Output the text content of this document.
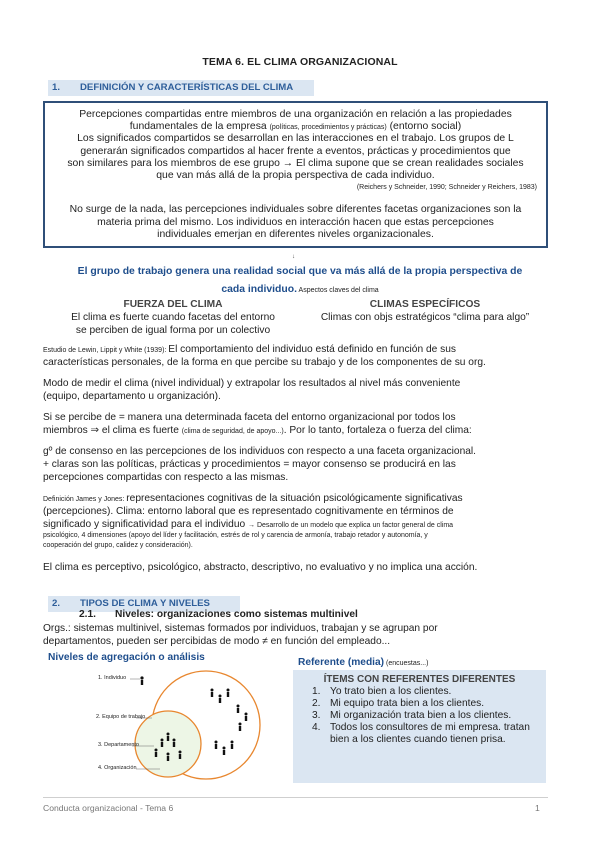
TEMA 6. EL CLIMA ORGANIZACIONAL
1. DEFINICIÓN Y CARACTERÍSTICAS DEL CLIMA
Percepciones compartidas entre miembros de una organización en relación a las propiedades
fundamentales de la empresa (políticas, procedimientos y prácticas) (entorno social)
Los significados compartidos se desarrollan en las interacciones en el trabajo. Los grupos de L
generarán significados compartidos al hacer frente a eventos, prácticas y procedimientos que
son similares para los miembros de ese grupo → El clima supone que se crean realidades sociales
que van más allá de la propia perspectiva de cada individuo.
(Reichers y Schneider, 1990; Schneider y Reichers, 1983)
No surge de la nada, las percepciones individuales sobre diferentes facetas organizaciones son la
materia prima del mismo. Los individuos en interacción hacen que estas percepciones
individuales emerjan en diferentes niveles organizacionales.
↓
El grupo de trabajo genera una realidad social que va más allá de la propia perspectiva de
cada individuo. Aspectos claves del clima
FUERZA DEL CLIMA
El clima es fuerte cuando facetas del entorno
se perciben de igual forma por un colectivo
CLIMAS ESPECÍFICOS
Climas con objs estratégicos “clima para algo”
Estudio de Lewin, Lippit y White (1939): El comportamiento del individuo está definido en función de sus
características personales, de la forma en que percibe su trabajo y de los componentes de su org.
Modo de medir el clima (nivel individual) y extrapolar los resultados al nivel más conveniente
(equipo, departamento u organización).
Si se percibe de = manera una determinada faceta del entorno organizacional por todos los
miembros ⇒ el clima es fuerte (clima de seguridad, de apoyo...). Por lo tanto, fortaleza o fuerza del clima:
gº de consenso en las percepciones de los individuos con respecto a una faceta organizacional.
+ claras son las políticas, prácticas y procedimientos = mayor consenso se producirá en las
percepciones compartidas con respecto a las mismas.
Definición James y Jones: representaciones cognitivas de la situación psicológicamente significativas
(percepciones). Clima: entorno laboral que es representado cognitivamente en términos de
significado y significatividad para el individuo → Desarrollo de un modelo que explica un factor general de clima
psicológico, 4 dimensiones (apoyo del líder y facilitación, estrés de rol y carencia de armonía, trabajo retador y autonomía, y
cooperación del grupo, calidez y consideración).
El clima es perceptivo, psicológico, abstracto, descriptivo, no evaluativo y no implica una acción.
2. TIPOS DE CLIMA Y NIVELES
2.1. Niveles: organizaciones como sistemas multinivel
Orgs.: sistemas multinivel, sistemas formados por individuos, trabajan y se agrupan por
departamentos, pueden ser percibidas de modo ≠ en función del empleado...
Niveles de agregación o análisis	Referente (media) (encuestas...)
1. Individuo
2. Equipo de trabajo
3. Departamento
4. Organización
ÍTEMS CON REFERENTES DIFERENTES
1. Yo trato bien a los clientes.
2. Mi equipo trata bien a los clientes.
3. Mi organización trata bien a los clientes.
4. Todos los consultores de mi empresa. tratan bien a los clientes cuando tienen prisa.
Conducta organizacional - Tema 6	1
